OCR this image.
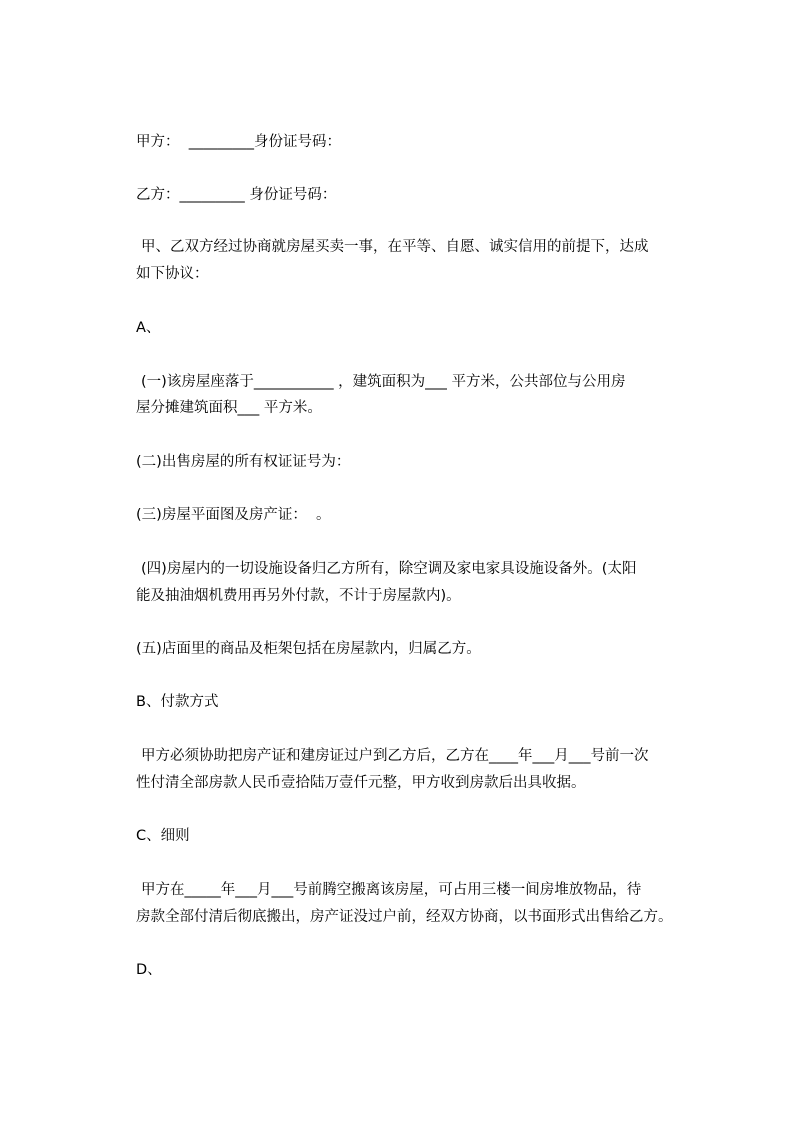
甲方：  _________身份证号码：
乙方：_________ 身份证号码：
甲、乙双方经过协商就房屋买卖一事，在平等、自愿、诚实信用的前提下，达成
如下协议：
A、
(一)该房屋座落于___________ ，建筑面积为___ 平方米，公共部位与公用房
屋分摊建筑面积___ 平方米。
(二)出售房屋的所有权证证号为：
(三)房屋平面图及房产证：  。
(四)房屋内的一切设施设备归乙方所有，除空调及家电家具设施设备外。(太阳
能及抽油烟机费用再另外付款，不计于房屋款内)。
(五)店面里的商品及柜架包括在房屋款内，归属乙方。
B、付款方式
甲方必须协助把房产证和建房证过户到乙方后，乙方在____年___月___号前一次
性付清全部房款人民币壹拾陆万壹仟元整，甲方收到房款后出具收据。
C、细则
甲方在_____年___月___号前腾空搬离该房屋，可占用三楼一间房堆放物品，待
房款全部付清后彻底搬出，房产证没过户前，经双方协商，以书面形式出售给乙方。
D、
